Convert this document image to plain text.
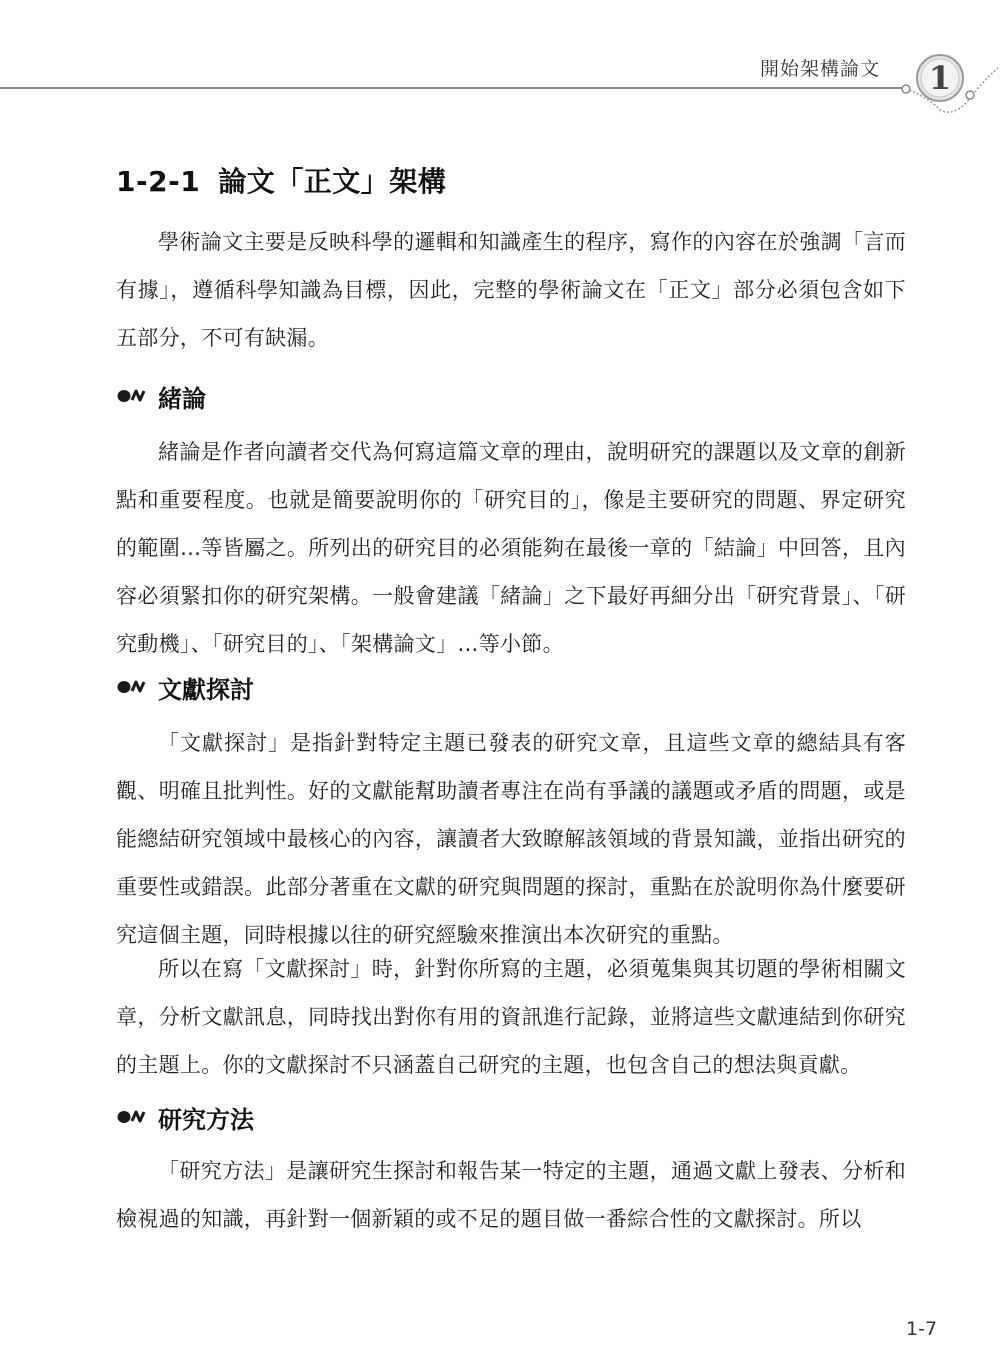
開始架構論文	1
1-2-1 論文「正文」架構

學術論文主要是反映科學的邏輯和知識產生的程序，寫作的內容在於強調「言而有據」，遵循科學知識為目標，因此，完整的學術論文在「正文」部分必須包含如下五部分，不可有缺漏。

緒論

緒論是作者向讀者交代為何寫這篇文章的理由，說明研究的課題以及文章的創新點和重要程度。也就是簡要說明你的「研究目的」，像是主要研究的問題、界定研究的範圍…等皆屬之。所列出的研究目的必須能夠在最後一章的「結論」中回答，且內容必須緊扣你的研究架構。一般會建議「緒論」之下最好再細分出「研究背景」、「研究動機」、「研究目的」、「架構論文」…等小節。

文獻探討

「文獻探討」是指針對特定主題已發表的研究文章，且這些文章的總結具有客觀、明確且批判性。好的文獻能幫助讀者專注在尚有爭議的議題或矛盾的問題，或是能總結研究領域中最核心的內容，讓讀者大致瞭解該領域的背景知識，並指出研究的重要性或錯誤。此部分著重在文獻的研究與問題的探討，重點在於說明你為什麼要研究這個主題，同時根據以往的研究經驗來推演出本次研究的重點。

所以在寫「文獻探討」時，針對你所寫的主題，必須蒐集與其切題的學術相關文章，分析文獻訊息，同時找出對你有用的資訊進行記錄，並將這些文獻連結到你研究的主題上。你的文獻探討不只涵蓋自己研究的主題，也包含自己的想法與貢獻。

研究方法

「研究方法」是讓研究生探討和報告某一特定的主題，通過文獻上發表、分析和檢視過的知識，再針對一個新穎的或不足的題目做一番綜合性的文獻探討。所以

1-7
